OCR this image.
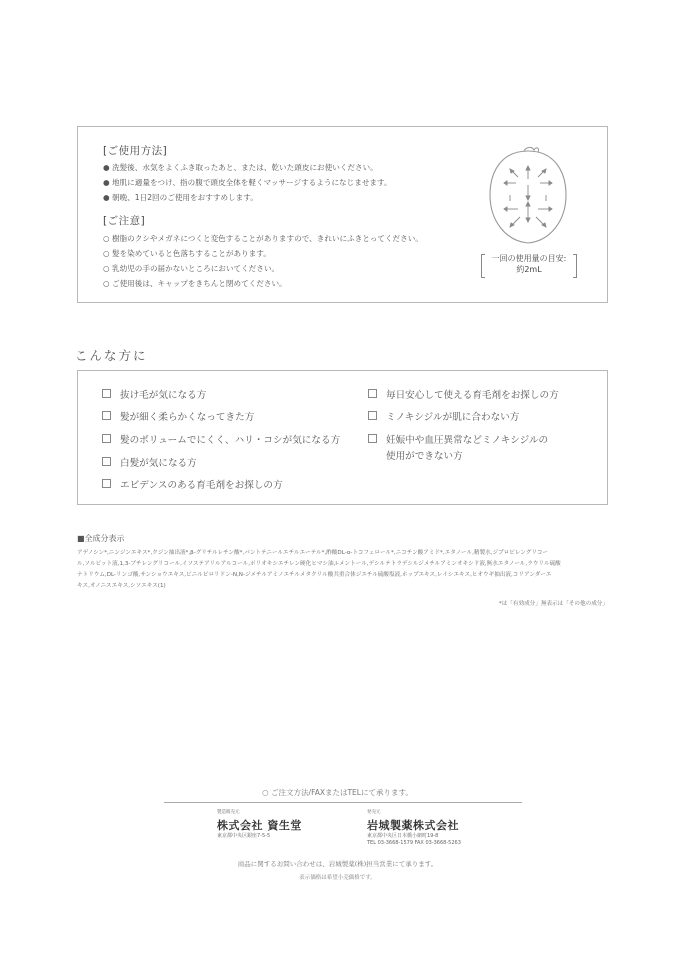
[ご使用方法]
● 洗髪後、水気をよくふき取ったあと、または、乾いた頭皮にお使いください。
● 地肌に適量をつけ、指の腹で頭皮全体を軽くマッサージするようになじませます。
● 朝晩、1日2回のご使用をおすすめします。
[ご注意]
○ 樹脂のクシやメガネにつくと変色することがありますので、きれいにふきとってください。
○ 髪を染めていると色落ちすることがあります。
○ 乳幼児の手の届かないところにおいてください。
○ ご使用後は、キャップをきちんと閉めてください。
一回の使用量の目安:
約2mL
こんな方に
抜け毛が気になる方
髪が細く柔らかくなってきた方
髪のボリュームでにくく、ハリ・コシが気になる方
白髪が気になる方
エビデンスのある育毛剤をお探しの方
毎日安心して使える育毛剤をお探しの方
ミノキシジルが肌に合わない方
妊娠中や血圧異常などミノキシジルの
使用ができない方
■全成分表示
アデノシン*,ニンジンエキス*,クジン抽出液*,β-グリチルレチン酸*,パントテニールエチルエーテル*,酢酸DL-α-トコフェロール*,ニコチン酸アミド*,エタノール,精製水,ジプロピレングリコー
ル,ソルビット液,1,3-ブチレングリコール,イソステアリルアルコール,ポリオキシエチレン硬化ヒマシ油,l-メントール,デシルテトラデシルジメチルアミンオキシド液,無水エタノール,ラウリル硫酸
ナトリウム,DL-リンゴ酸,サンショウエキス,ビニルピロリドン-N,N-ジメチルアミノエチルメタクリル酸共重合体ジエチル硫酸塩液,ホップエキス,レイシエキス,ヒオウギ抽出液,コリアンダーエ
キス,オノニスエキス,シソエキス(1)
*は「有効成分」無表示は「その他の成分」
○ ご注文方法/FAXまたはTELにて承ります。
製造販売元
株式会社 資生堂
東京都中央区銀座7-5-5
発売元
岩城製薬株式会社
東京都中央区日本橋小網町19-8
TEL 03-3668-1579 FAX 03-3668-5263
商品に関するお問い合わせは、岩城製薬(株)担当営業にて承ります。
表示価格は希望小売価格です。
